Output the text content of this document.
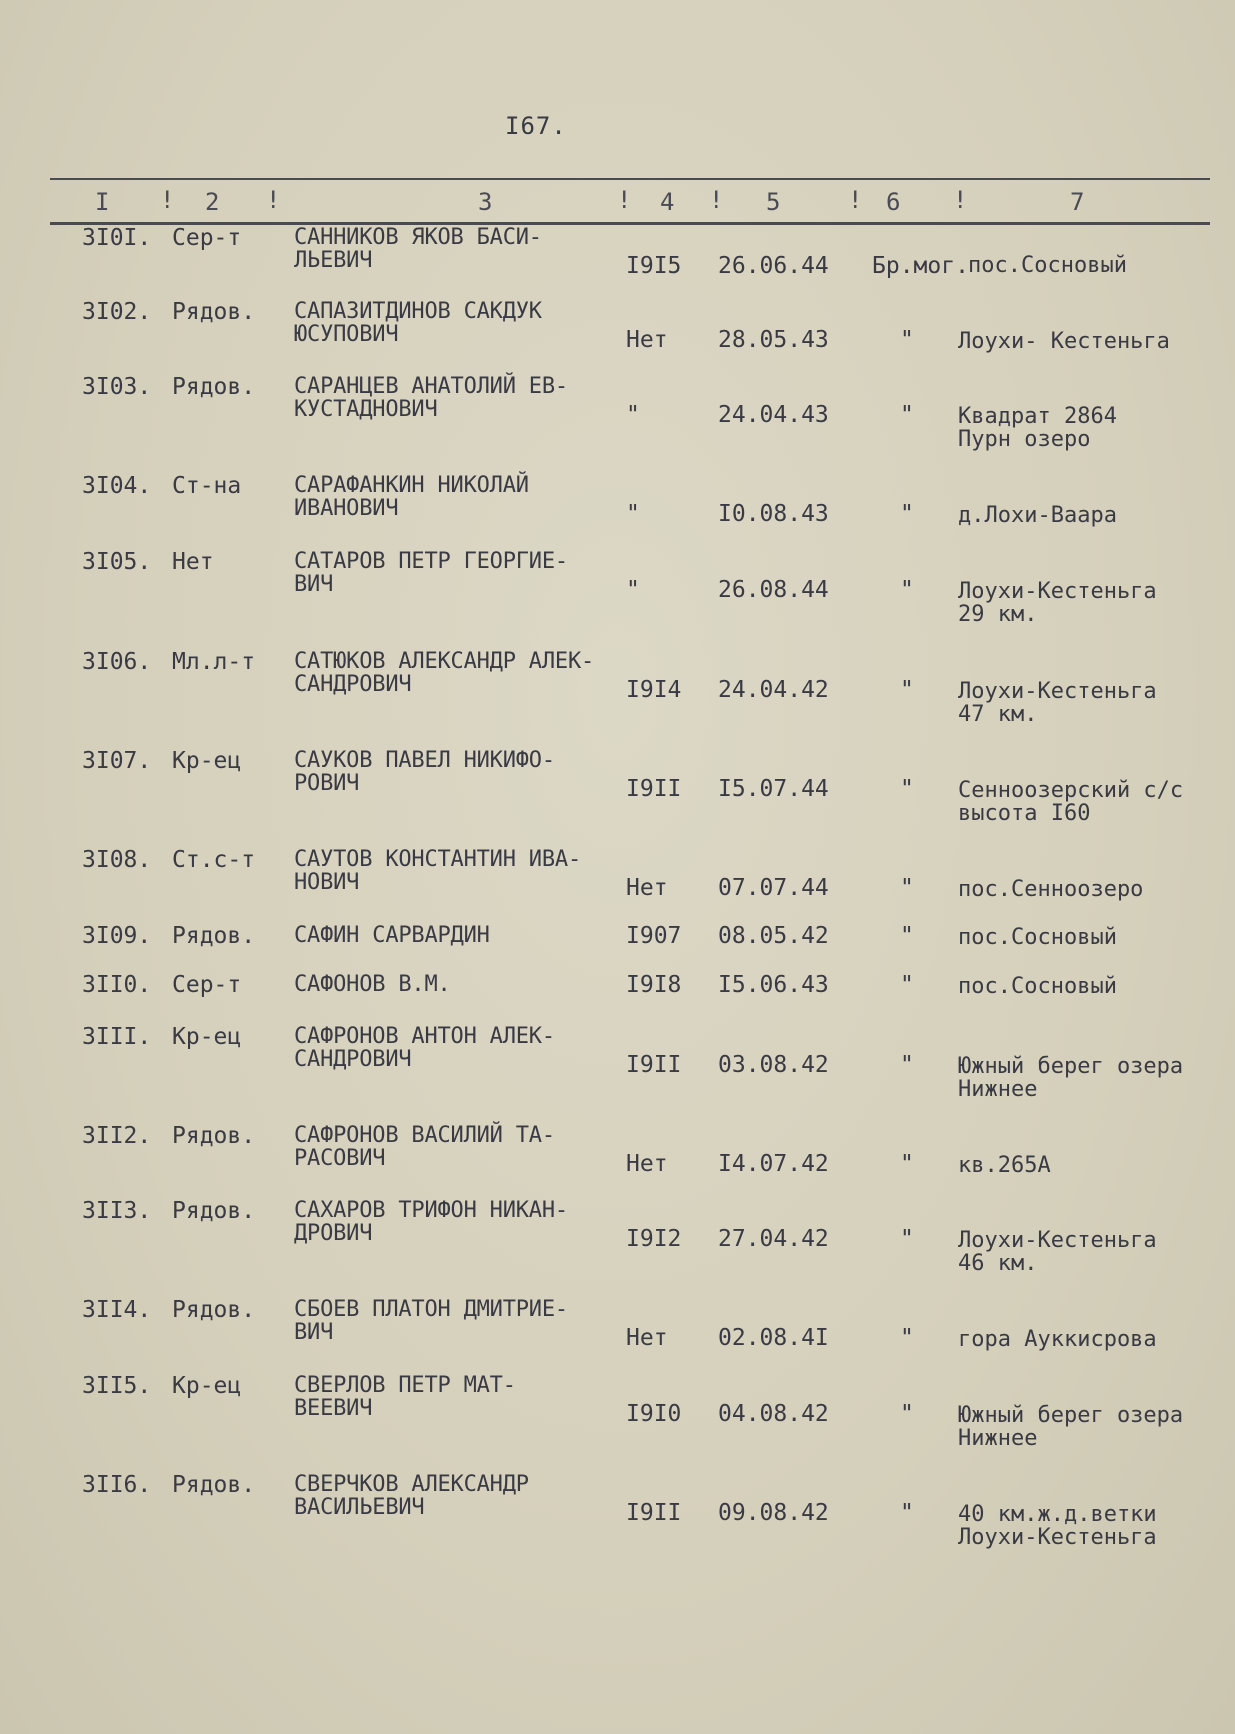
I67.
I ! 2 !	3	! 4 ! 5	! 6 !	7
3I0I. Сер-т САННИКОВ ЯКОВ БАСИ-
ЛЬЕВИЧ	I9I5 26.06.44 Бр.мог. пос.Сосновый
3I02. Рядов. САПАЗИТДИНОВ САКДУК
ЮСУПОВИЧ	Нет 28.05.43	"	Лоухи- Кестеньга
3I03. Рядов. САРАНЦЕВ АНАТОЛИЙ ЕВ-
КУСТАДНОВИЧ	"	24.04.43	"	Квадрат 2864
Пурн озеро
3I04. Ст-на САРАФАНКИН НИКОЛАЙ
ИВАНОВИЧ	"	I0.08.43	"	д.Лохи-Ваара
3I05. Нет	САТАРОВ ПЕТР ГЕОРГИЕ-
ВИЧ	"	26.08.44	"	Лоухи-Кестеньга
29 км.
3I06. Мл.л-т САТЮКОВ АЛЕКСАНДР АЛЕК-
САНДРОВИЧ	I9I4 24.04.42	"	Лоухи-Кестеньга
47 км.
3I07. Кр-ец САУКОВ ПАВЕЛ НИКИФО-
РОВИЧ	I9II I5.07.44	"	Сенноозерский с/с
высота I60
3I08. Ст.с-т САУТОВ КОНСТАНТИН ИВА-
НОВИЧ	Нет 07.07.44	"	пос.Сенноозеро
3I09. Рядов. САФИН САРВАРДИН	I907 08.05.42	"	пос.Сосновый
3II0. Сер-т САФОНОВ В.М.	I9I8 I5.06.43	"	пос.Сосновый
3III. Кр-ец САФРОНОВ АНТОН АЛЕК-
САНДРОВИЧ	I9II 03.08.42	"	Южный берег озера
Нижнее
3II2. Рядов. САФРОНОВ ВАСИЛИЙ ТА-
РАСОВИЧ	Нет I4.07.42	"	кв.265А
3II3. Рядов. САХАРОВ ТРИФОН НИКАН-
ДРОВИЧ	I9I2 27.04.42	"	Лоухи-Кестеньга
46 км.
3II4. Рядов. СБОЕВ ПЛАТОН ДМИТРИЕ-
ВИЧ	Нет 02.08.4I	"	гора Ауккисрова
3II5. Кр-ец СВЕРЛОВ ПЕТР МАТ-
ВЕЕВИЧ	I9I0 04.08.42	"	Южный берег озера
Нижнее
3II6. Рядов. СВЕРЧКОВ АЛЕКСАНДР
ВАСИЛЬЕВИЧ	I9II 09.08.42	"	40 км.ж.д.ветки
Лоухи-Кестеньга
